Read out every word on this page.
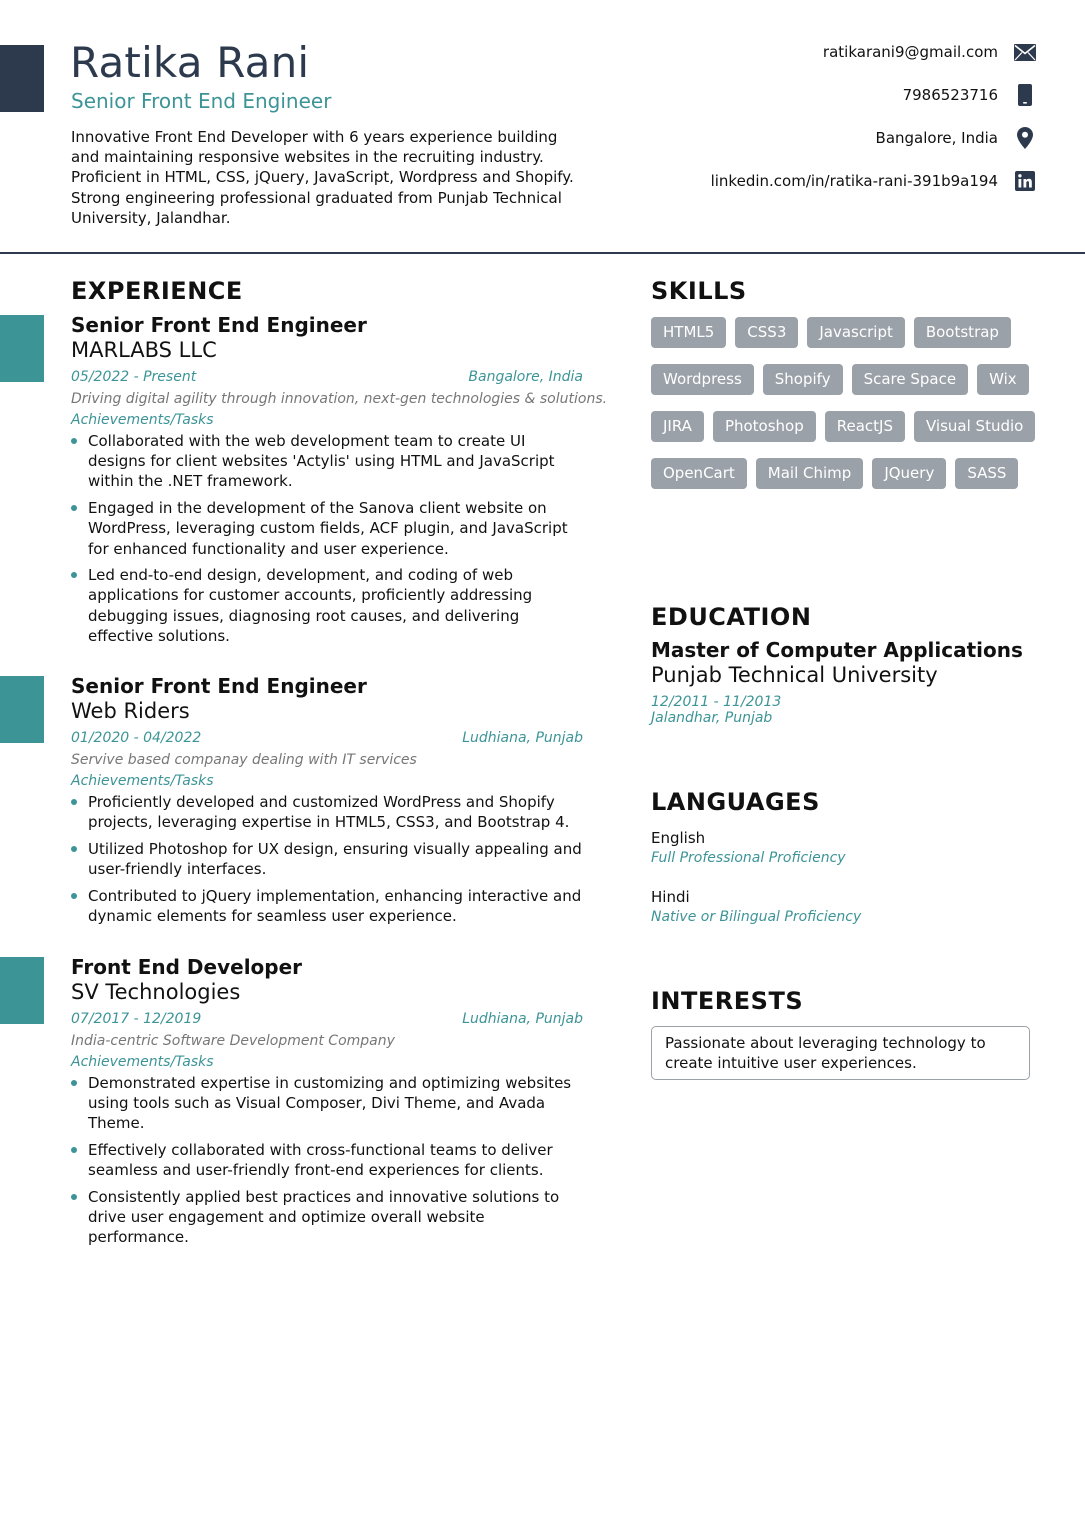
Ratika Rani
Senior Front End Engineer
Innovative Front End Developer with 6 years experience building and maintaining responsive websites in the recruiting industry. Proficient in HTML, CSS, jQuery, JavaScript, Wordpress and Shopify. Strong engineering professional graduated from Punjab Technical University, Jalandhar.
ratikarani9@gmail.com
7986523716
Bangalore, India
linkedin.com/in/ratika-rani-391b9a194
EXPERIENCE
Senior Front End Engineer
MARLABS LLC
05/2022 - Present	Bangalore, India
Driving digital agility through innovation, next-gen technologies & solutions.
Achievements/Tasks
Collaborated with the web development team to create UI designs for client websites 'Actylis' using HTML and JavaScript within the .NET framework.
Engaged in the development of the Sanova client website on WordPress, leveraging custom fields, ACF plugin, and JavaScript for enhanced functionality and user experience.
Led end-to-end design, development, and coding of web applications for customer accounts, proficiently addressing debugging issues, diagnosing root causes, and delivering effective solutions.
Senior Front End Engineer
Web Riders
01/2020 - 04/2022	Ludhiana, Punjab
Servive based companay dealing with IT services
Achievements/Tasks
Proficiently developed and customized WordPress and Shopify projects, leveraging expertise in HTML5, CSS3, and Bootstrap 4.
Utilized Photoshop for UX design, ensuring visually appealing and user-friendly interfaces.
Contributed to jQuery implementation, enhancing interactive and dynamic elements for seamless user experience.
Front End Developer
SV Technologies
07/2017 - 12/2019	Ludhiana, Punjab
India-centric Software Development Company
Achievements/Tasks
Demonstrated expertise in customizing and optimizing websites using tools such as Visual Composer, Divi Theme, and Avada Theme.
Effectively collaborated with cross-functional teams to deliver seamless and user-friendly front-end experiences for clients.
Consistently applied best practices and innovative solutions to drive user engagement and optimize overall website performance.
SKILLS
HTML5	CSS3	Javascript	Bootstrap
Wordpress	Shopify	Scare Space	Wix
JIRA	Photoshop	ReactJS	Visual Studio
OpenCart	Mail Chimp	JQuery	SASS
EDUCATION
Master of Computer Applications
Punjab Technical University
12/2011 - 11/2013
Jalandhar, Punjab
LANGUAGES
English
Full Professional Proficiency
Hindi
Native or Bilingual Proficiency
INTERESTS
Passionate about leveraging technology to create intuitive user experiences.
